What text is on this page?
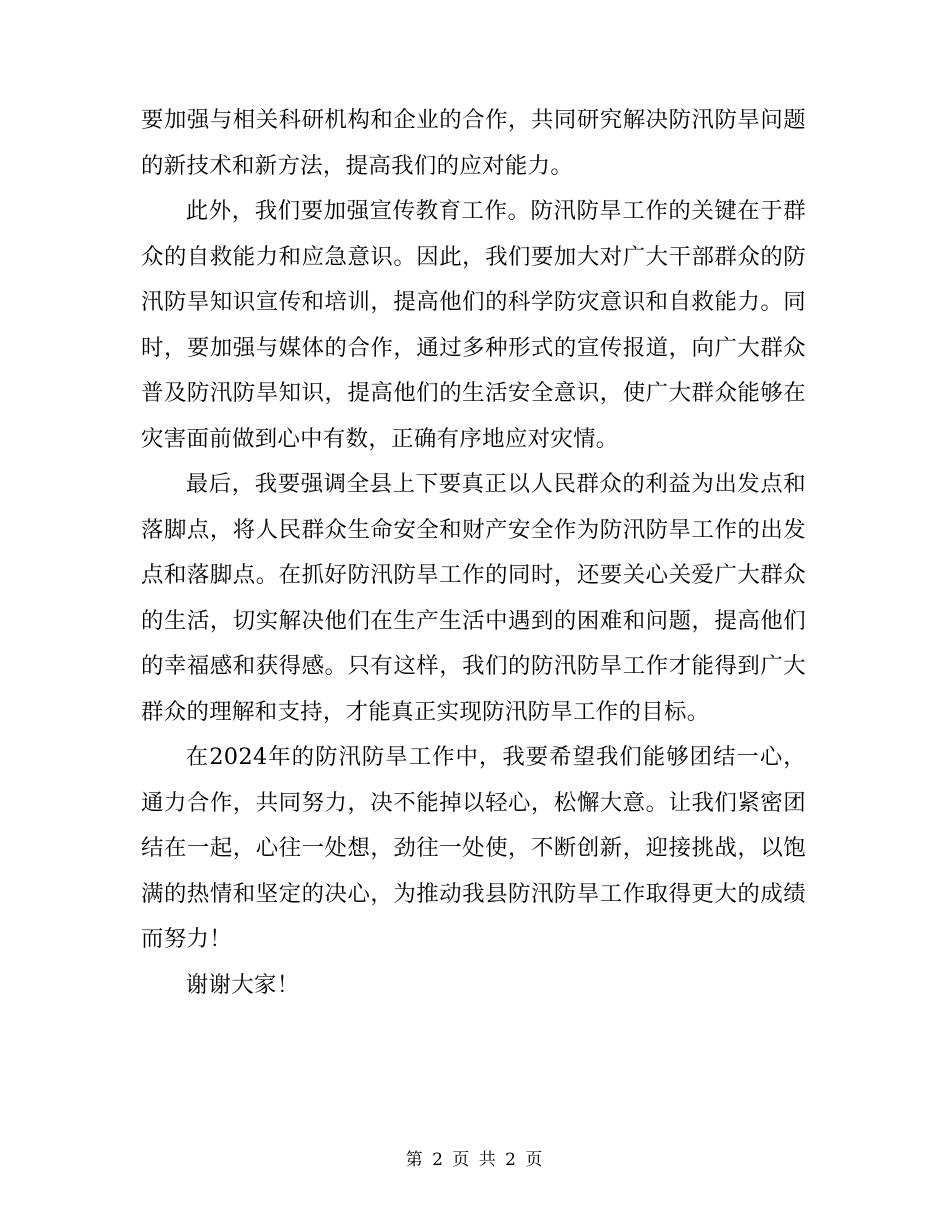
要加强与相关科研机构和企业的合作，共同研究解决防汛防旱问题的新技术和新方法，提高我们的应对能力。

此外，我们要加强宣传教育工作。防汛防旱工作的关键在于群众的自救能力和应急意识。因此，我们要加大对广大干部群众的防汛防旱知识宣传和培训，提高他们的科学防灾意识和自救能力。同时，要加强与媒体的合作，通过多种形式的宣传报道，向广大群众普及防汛防旱知识，提高他们的生活安全意识，使广大群众能够在灾害面前做到心中有数，正确有序地应对灾情。

最后，我要强调全县上下要真正以人民群众的利益为出发点和落脚点，将人民群众生命安全和财产安全作为防汛防旱工作的出发点和落脚点。在抓好防汛防旱工作的同时，还要关心关爱广大群众的生活，切实解决他们在生产生活中遇到的困难和问题，提高他们的幸福感和获得感。只有这样，我们的防汛防旱工作才能得到广大群众的理解和支持，才能真正实现防汛防旱工作的目标。

在2024年的防汛防旱工作中，我要希望我们能够团结一心，通力合作，共同努力，决不能掉以轻心，松懈大意。让我们紧密团结在一起，心往一处想，劲往一处使，不断创新，迎接挑战，以饱满的热情和坚定的决心，为推动我县防汛防旱工作取得更大的成绩而努力！

谢谢大家！

第 2 页 共 2 页
